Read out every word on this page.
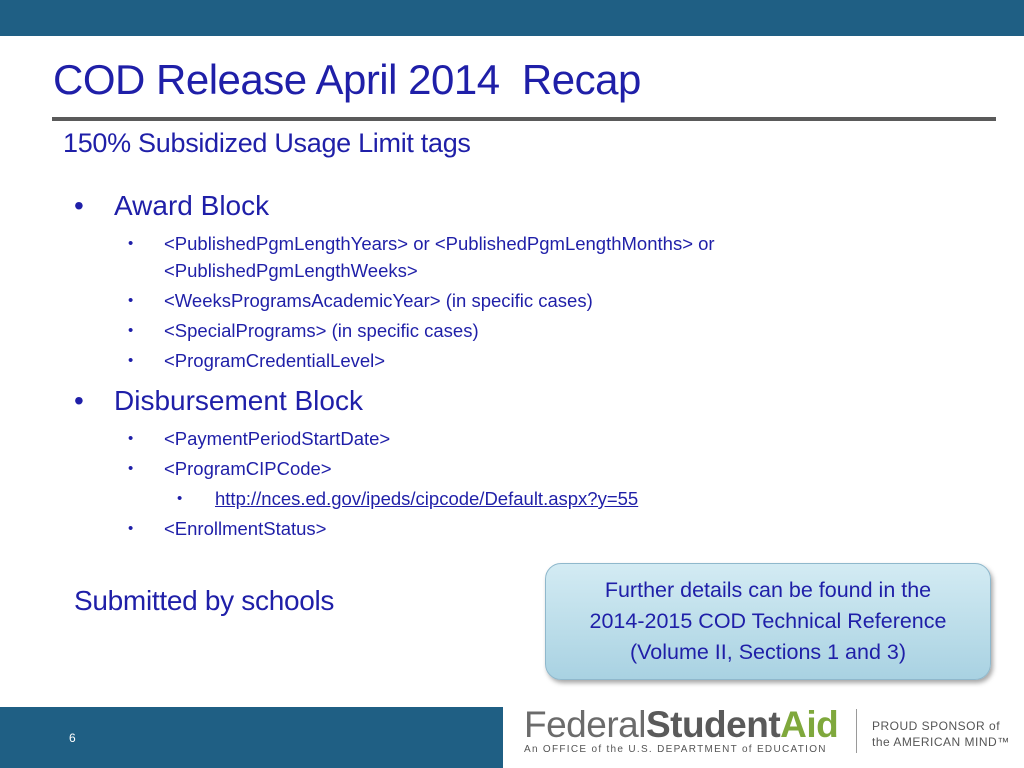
COD Release April 2014  Recap
150% Subsidized Usage Limit tags
• Award Block
• <PublishedPgmLengthYears> or <PublishedPgmLengthMonths> or
<PublishedPgmLengthWeeks>
• <WeeksProgramsAcademicYear> (in specific cases)
• <SpecialPrograms> (in specific cases)
• <ProgramCredentialLevel>
• Disbursement Block
• <PaymentPeriodStartDate>
• <ProgramCIPCode>
• http://nces.ed.gov/ipeds/cipcode/Default.aspx?y=55
• <EnrollmentStatus>
Submitted by schools	Further details can be found in the
2014-2015 COD Technical Reference
(Volume II, Sections 1 and 3)
6	FederalStudentAid
An OFFICE of the U.S. DEPARTMENT of EDUCATION
PROUD SPONSOR of
the AMERICAN MIND™
